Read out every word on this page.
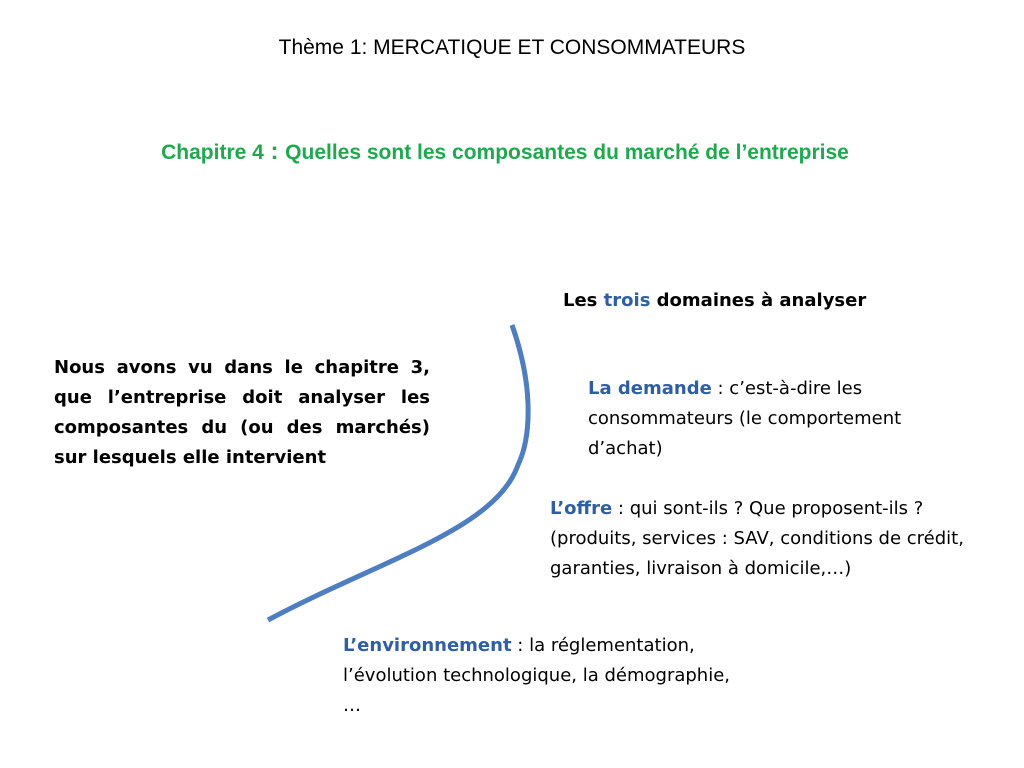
Thème 1: MERCATIQUE ET CONSOMMATEURS
Chapitre 4 : Quelles sont les composantes du marché de l’entreprise
Les trois domaines à analyser
Nous avons vu dans le chapitre 3, que l’entreprise doit analyser les composantes du (ou des marchés) sur lesquels elle intervient
La demande : c’est-à-dire les consommateurs (le comportement d’achat)
L’offre : qui sont-ils ? Que proposent-ils ? (produits, services : SAV, conditions de crédit, garanties, livraison à domicile,…)
L’environnement : la réglementation, l’évolution technologique, la démographie, …
